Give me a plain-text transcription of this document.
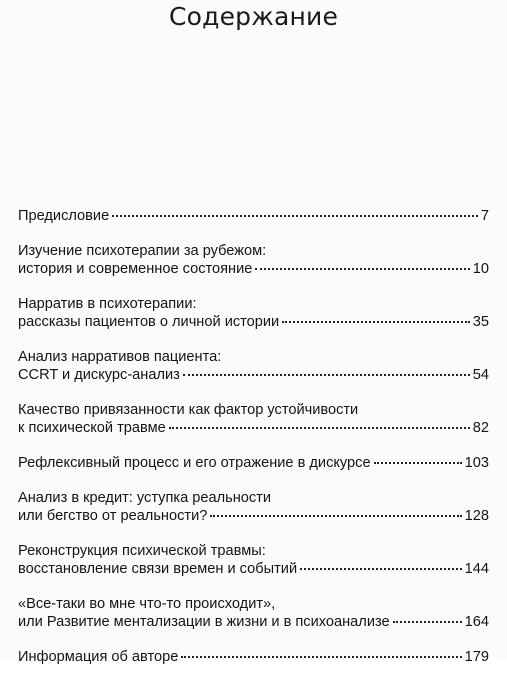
Содержание
Предисловие	7
Изучение психотерапии за рубежом:
история и современное состояние	10
Нарратив в психотерапии:
рассказы пациентов о личной истории	35
Анализ нарративов пациента:
CCRT и дискурс-анализ	54
Качество привязанности как фактор устойчивости
к психической травме	82
Рефлексивный процесс и его отражение в дискурсе	103
Анализ в кредит: уступка реальности
или бегство от реальности?	128
Реконструкция психической травмы:
восстановление связи времен и событий	144
«Все-таки во мне что-то происходит»,
или Развитие ментализации в жизни и в психоанализе	164
Информация об авторе	179
